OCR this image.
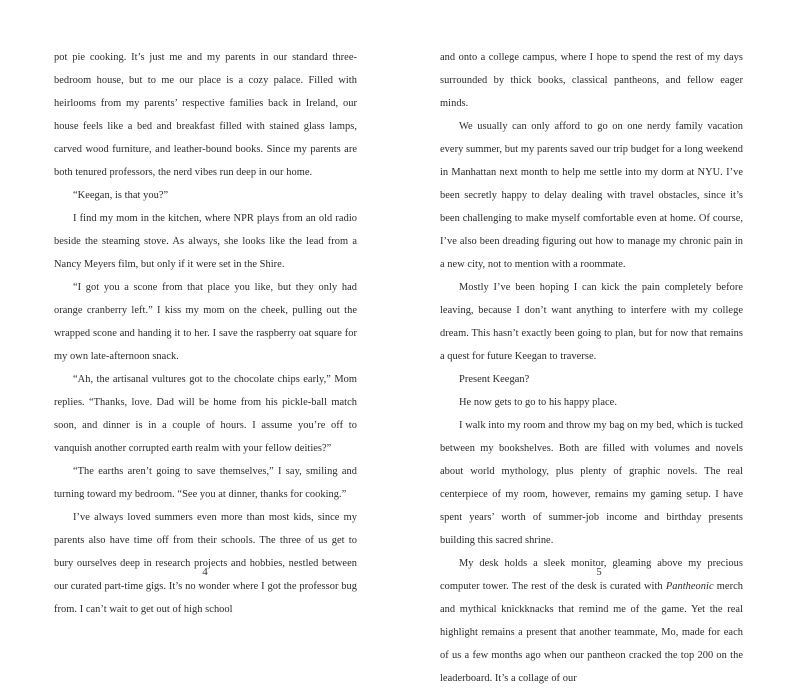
pot pie cooking. It’s just me and my parents in our standard three-bedroom house, but to me our place is a cozy palace. Filled with heirlooms from my parents’ respective families back in Ireland, our house feels like a bed and breakfast filled with stained glass lamps, carved wood furniture, and leather-bound books. Since my parents are both tenured professors, the nerd vibes run deep in our home.

“Keegan, is that you?”

I find my mom in the kitchen, where NPR plays from an old radio beside the steaming stove. As always, she looks like the lead from a Nancy Meyers film, but only if it were set in the Shire.

“I got you a scone from that place you like, but they only had orange cranberry left.” I kiss my mom on the cheek, pulling out the wrapped scone and handing it to her. I save the raspberry oat square for my own late-afternoon snack.

“Ah, the artisanal vultures got to the chocolate chips early,” Mom replies. “Thanks, love. Dad will be home from his pickle-ball match soon, and dinner is in a couple of hours. I assume you’re off to vanquish another corrupted earth realm with your fellow deities?”

“The earths aren’t going to save themselves,” I say, smiling and turning toward my bedroom. “See you at dinner, thanks for cooking.”

I’ve always loved summers even more than most kids, since my parents also have time off from their schools. The three of us get to bury ourselves deep in research projects and hobbies, nestled between our curated part-time gigs. It’s no wonder where I got the professor bug from. I can’t wait to get out of high school

4

and onto a college campus, where I hope to spend the rest of my days surrounded by thick books, classical pantheons, and fellow eager minds.

We usually can only afford to go on one nerdy family vacation every summer, but my parents saved our trip budget for a long weekend in Manhattan next month to help me settle into my dorm at NYU. I’ve been secretly happy to delay dealing with travel obstacles, since it’s been challenging to make myself comfortable even at home. Of course, I’ve also been dreading figuring out how to manage my chronic pain in a new city, not to mention with a roommate.

Mostly I’ve been hoping I can kick the pain completely before leaving, because I don’t want anything to interfere with my college dream. This hasn’t exactly been going to plan, but for now that remains a quest for future Keegan to traverse.

Present Keegan?

He now gets to go to his happy place.

I walk into my room and throw my bag on my bed, which is tucked between my bookshelves. Both are filled with volumes and novels about world mythology, plus plenty of graphic novels. The real centerpiece of my room, however, remains my gaming setup. I have spent years’ worth of summer-job income and birthday presents building this sacred shrine.

My desk holds a sleek monitor, gleaming above my precious computer tower. The rest of the desk is curated with Pantheonic merch and mythical knickknacks that remind me of the game. Yet the real highlight remains a present that another teammate, Mo, made for each of us a few months ago when our pantheon cracked the top 200 on the leaderboard. It’s a collage of our

5
